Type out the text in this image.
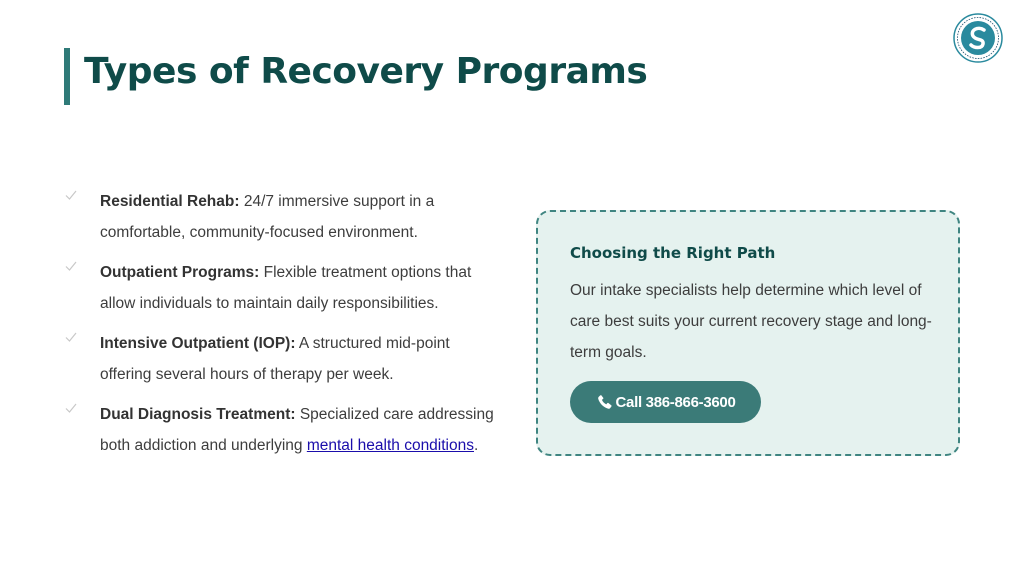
Types of Recovery Programs
Residential Rehab: 24/7 immersive support in a comfortable, community-focused environment.
Outpatient Programs: Flexible treatment options that allow individuals to maintain daily responsibilities.
Intensive Outpatient (IOP): A structured mid-point offering several hours of therapy per week.
Dual Diagnosis Treatment: Specialized care addressing both addiction and underlying mental health conditions.
Choosing the Right Path

Our intake specialists help determine which level of care best suits your current recovery stage and long-term goals.

Call 386-866-3600
